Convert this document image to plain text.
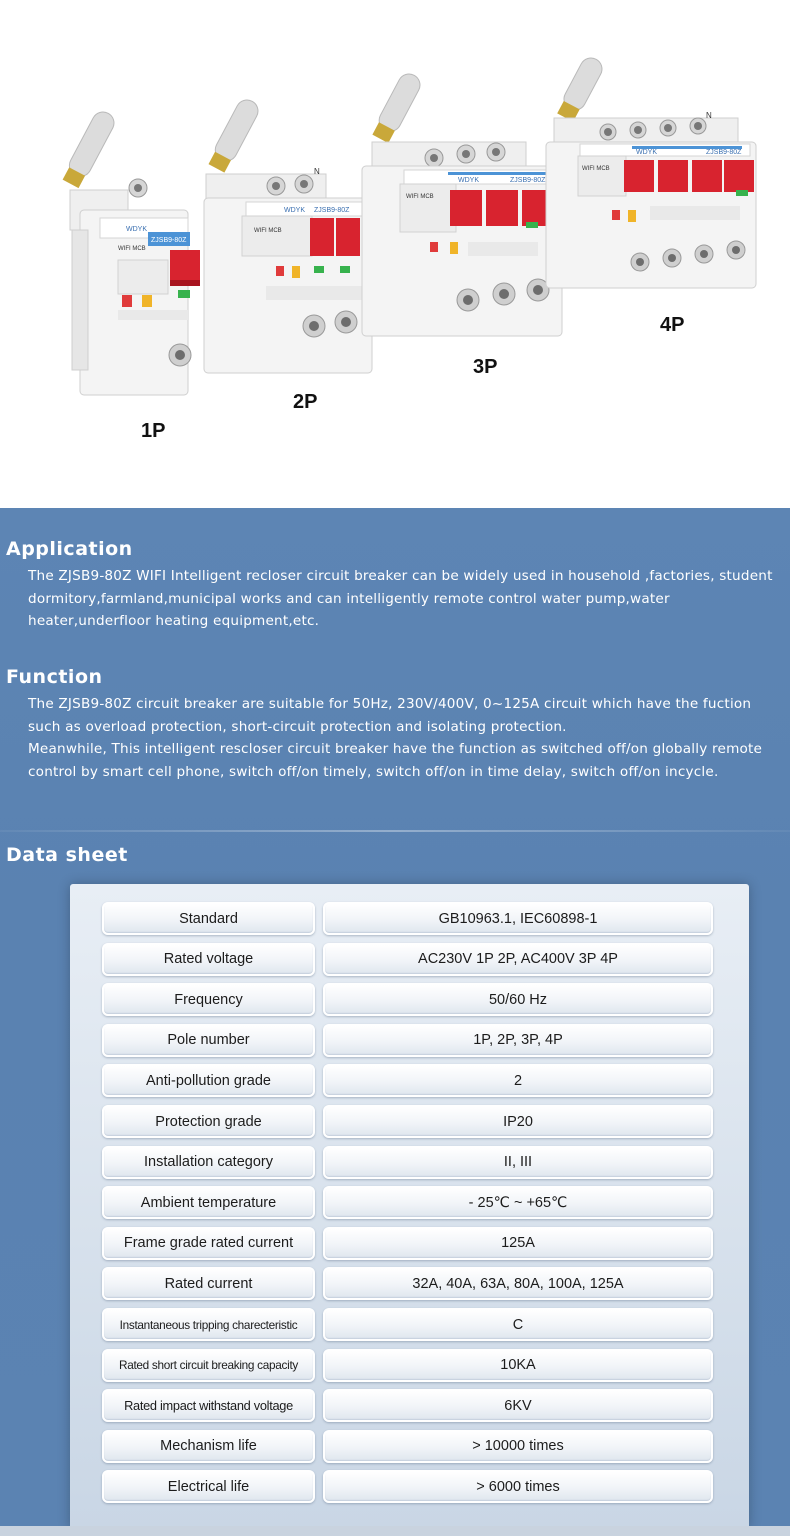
WDYK
ZJSB9-80Z
WIFI MCB
1P
WDYK ZJSB9-80Z
WIFI MCB
N
2P
WDYK	ZJSB9-80Z
WIFI MCB
3P
N
WDYK	ZJSB9-80Z
WIFI MCB
4P
Application
The ZJSB9-80Z WIFI Intelligent recloser circuit breaker can be widely used in household ,factories, student dormitory,farmland,municipal works and can intelligently remote control water pump,water heater,underfloor heating equipment,etc.
Function
The ZJSB9-80Z circuit breaker are suitable for 50Hz, 230V/400V, 0~125A circuit which have the fuction such as overload protection, short-circuit protection and isolating protection.
Meanwhile, This intelligent rescloser circuit breaker have the function as switched off/on globally remote control by smart cell phone, switch off/on timely, switch off/on in time delay, switch off/on incycle.
Data sheet
Standard	GB10963.1, IEC60898-1
Rated voltage	AC230V 1P 2P, AC400V 3P 4P
Frequency	50/60 Hz
Pole number	1P, 2P, 3P, 4P
Anti-pollution grade	2
Protection grade	IP20
Installation category	II, III
Ambient temperature	- 25℃ ~ +65℃
Frame grade rated current	125A
Rated current	32A, 40A, 63A, 80A, 100A, 125A
Instantaneous tripping charecteristic	C
Rated short circuit breaking capacity	10KA
Rated impact withstand voltage	6KV
Mechanism life	> 10000 times
Electrical life	> 6000 times
